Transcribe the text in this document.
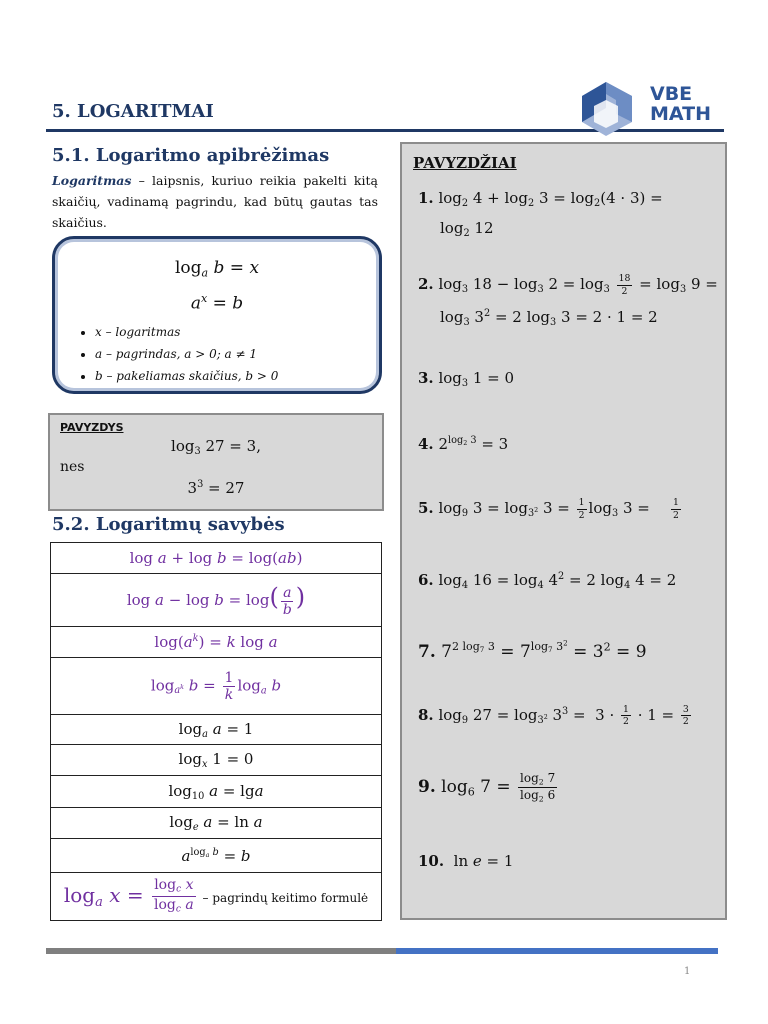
5. LOGARITMAI
VBE
MATH
5.1. Logaritmo apibrėžimas
Logaritmas – laipsnis, kuriuo reikia pakelti kitą skaičių, vadinamą pagrindu, kad būtų gautas tas skaičius.
$\log_a b = x$
$a^x = b$
• x – logaritmas
• a – pagrindas, a > 0; a ≠ 1
• b – pakeliamas skaičius, b > 0
PAVYZDYS
$\log_3 27 = 3$,
nes
$3^3 = 27$
5.2. Logaritmų savybės
log a + log b = log(ab)
$\log a - \log b = \log( \frac{a}{b}$ )
$\log(a^k) = k$ log a
$\log_{a^k} b = \frac{1}{k} \log_a b$
$\log_a a = 1$
$\log_x 1 = 0$
$\log_{10} a = \lg a$
$\log_e a = \ln a$
$a^{log_a b} = b$
$\log_a x = \frac{\log_c x}{\log_c a}$ – pagrindų keitimo formulė
PAVYZDŽIAI
1. $\log_2 4 + \log_2 3 = \log_2(4 \cdot 3)$ =
$\log_2 12$
2. $\log_3 18 - \log_3 2 = \log_3 \frac{18}{2} = \log_3 9$ =
$\log_3 3^2 = 2$ $\log_3 3 = 2 \cdot 1 = 2$
3. $\log_3 1 = 0$
4. $2^{log_2 3} = 3$
5. $\log_9 3 = \log_{3^2} 3 = \frac{1}{2} \log_3 3 = \frac{1}{2}$
6. $\log_4 16 = \log_4 4^2 = 2$ $\log_4 4 = 2$
7. $7^{2 log_7 3} = 7^{log_7 3^2} = 3^2 = 9$
8. $\log_9 27 = \log_{3^2} 3^3 = 3 \cdot \frac{1}{2} \cdot 1 = \frac{3}{2}$
9. $\log_6 7 = \frac{\log_2 7}{\log_2 6}$
10.  ln e = 1
1
